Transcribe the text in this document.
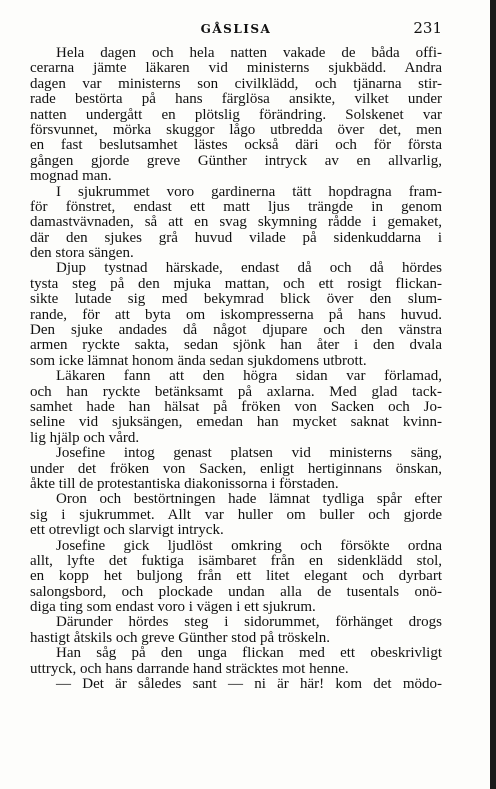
GÅSLISA	231
Hela dagen och hela natten vakade de båda offi-
cerarna jämte läkaren vid ministerns sjukbädd. Andra
dagen var ministerns son civilklädd, och tjänarna stir-
rade bestörta på hans färglösa ansikte, vilket under
natten undergått en plötslig förändring. Solskenet var
försvunnet, mörka skuggor lågo utbredda över det, men
en fast beslutsamhet lästes också däri och för första
gången gjorde greve Günther intryck av en allvarlig,
mognad man.
I sjukrummet voro gardinerna tätt hopdragna fram-
för fönstret, endast ett matt ljus trängde in genom
damastvävnaden, så att en svag skymning rådde i gemaket,
där den sjukes grå huvud vilade på sidenkuddarna i
den stora sängen.
Djup tystnad härskade, endast då och då hördes
tysta steg på den mjuka mattan, och ett rosigt flickan-
sikte lutade sig med bekymrad blick över den slum-
rande, för att byta om iskompresserna på hans huvud.
Den sjuke andades då något djupare och den vänstra
armen ryckte sakta, sedan sjönk han åter i den dvala
som icke lämnat honom ända sedan sjukdomens utbrott.
Läkaren fann att den högra sidan var förlamad,
och han ryckte betänksamt på axlarna. Med glad tack-
samhet hade han hälsat på fröken von Sacken och Jo-
seline vid sjuksängen, emedan han mycket saknat kvinn-
lig hjälp och vård.
Josefine intog genast platsen vid ministerns säng,
under det fröken von Sacken, enligt hertiginnans önskan,
åkte till de protestantiska diakonissorna i förstaden.
Oron och bestörtningen hade lämnat tydliga spår efter
sig i sjukrummet. Allt var huller om buller och gjorde
ett otrevligt och slarvigt intryck.
Josefine gick ljudlöst omkring och försökte ordna
allt, lyfte det fuktiga isämbaret från en sidenklädd stol,
en kopp het buljong från ett litet elegant och dyrbart
salongsbord, och plockade undan alla de tusentals onö-
diga ting som endast voro i vägen i ett sjukrum.
Därunder hördes steg i sidorummet, förhänget drogs
hastigt åtskils och greve Günther stod på tröskeln.
Han såg på den unga flickan med ett obeskrivligt
uttryck, och hans darrande hand sträcktes mot henne.
— Det är således sant — ni är här! kom det mödo-
